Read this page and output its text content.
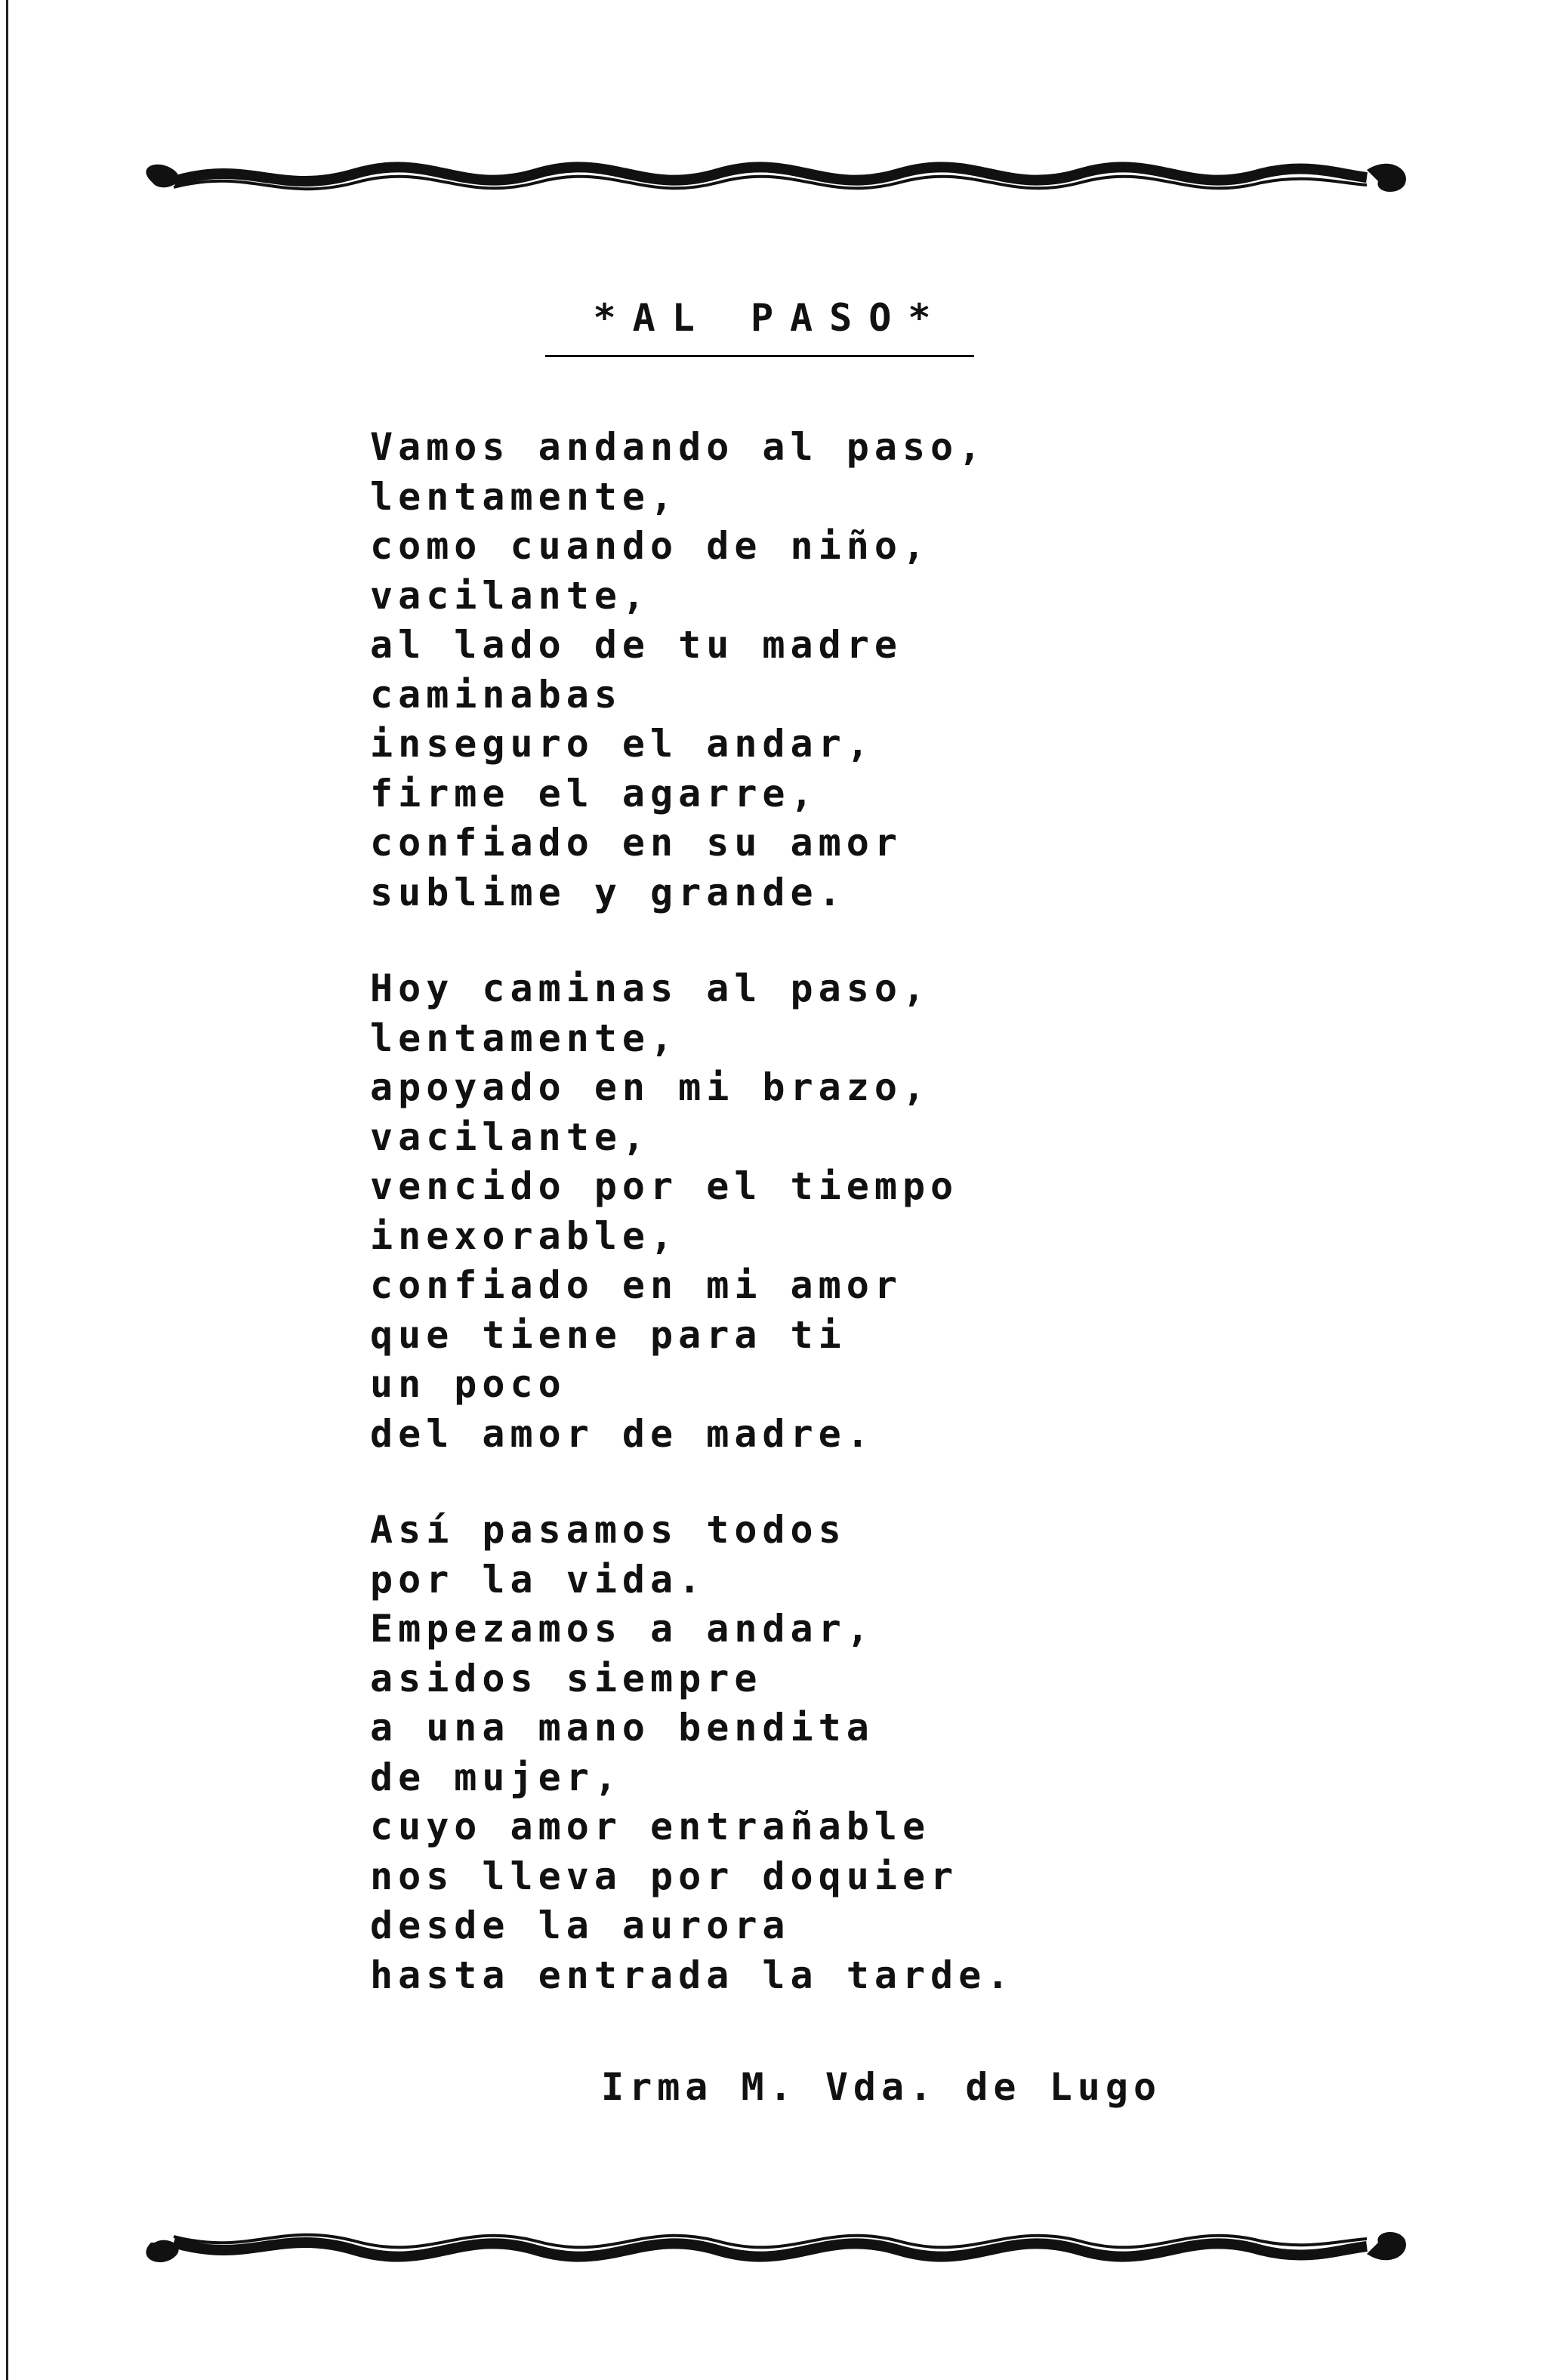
*AL PASO*
Vamos andando al paso,
lentamente,
como cuando de niño,
vacilante,
al lado de tu madre
caminabas
inseguro el andar,
firme el agarre,
confiado en su amor
sublime y grande.
Hoy caminas al paso,
lentamente,
apoyado en mi brazo,
vacilante,
vencido por el tiempo
inexorable,
confiado en mi amor
que tiene para ti
un poco
del amor de madre.
Así pasamos todos
por la vida.
Empezamos a andar,
asidos siempre
a una mano bendita
de mujer,
cuyo amor entrañable
nos lleva por doquier
desde la aurora
hasta entrada la tarde.
Irma M. Vda. de Lugo
